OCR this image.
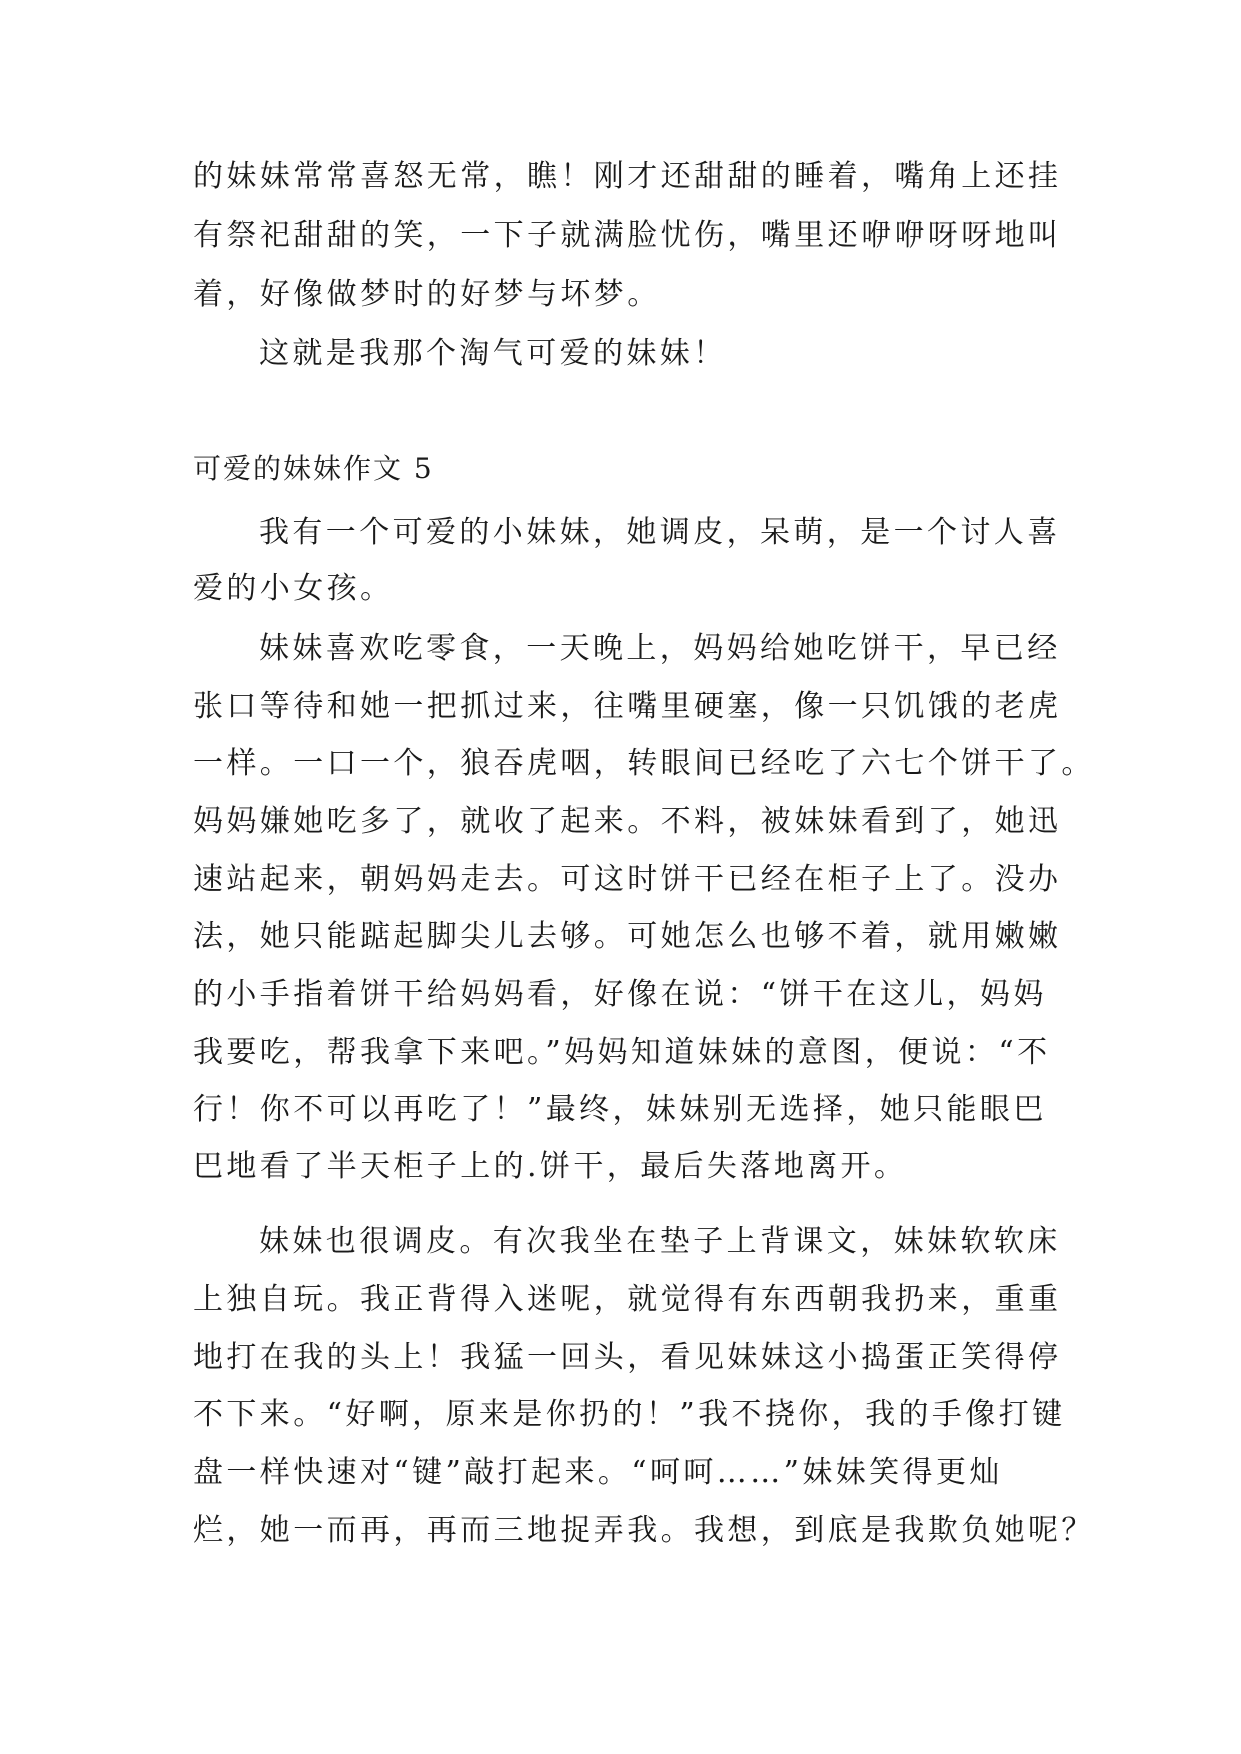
的妹妹常常喜怒无常，瞧！刚才还甜甜的睡着，嘴角上还挂
有祭祀甜甜的笑，一下子就满脸忧伤，嘴里还咿咿呀呀地叫
着，好像做梦时的好梦与坏梦。
这就是我那个淘气可爱的妹妹！
可爱的妹妹作文 5
我有一个可爱的小妹妹，她调皮，呆萌，是一个讨人喜
爱的小女孩。
妹妹喜欢吃零食，一天晚上，妈妈给她吃饼干，早已经
张口等待和她一把抓过来，往嘴里硬塞，像一只饥饿的老虎
一样。一口一个，狼吞虎咽，转眼间已经吃了六七个饼干了。
妈妈嫌她吃多了，就收了起来。不料，被妹妹看到了，她迅
速站起来，朝妈妈走去。可这时饼干已经在柜子上了。没办
法，她只能踮起脚尖儿去够。可她怎么也够不着，就用嫩嫩
的小手指着饼干给妈妈看，好像在说：“饼干在这儿，妈妈
我要吃，帮我拿下来吧。”妈妈知道妹妹的意图，便说：“不
行！你不可以再吃了！”最终，妹妹别无选择，她只能眼巴
巴地看了半天柜子上的.饼干，最后失落地离开。
妹妹也很调皮。有次我坐在垫子上背课文，妹妹软软床
上独自玩。我正背得入迷呢，就觉得有东西朝我扔来，重重
地打在我的头上！我猛一回头，看见妹妹这小捣蛋正笑得停
不下来。“好啊，原来是你扔的！”我不挠你，我的手像打键
盘一样快速对“键”敲打起来。“呵呵……”妹妹笑得更灿
烂，她一而再，再而三地捉弄我。我想，到底是我欺负她呢？
